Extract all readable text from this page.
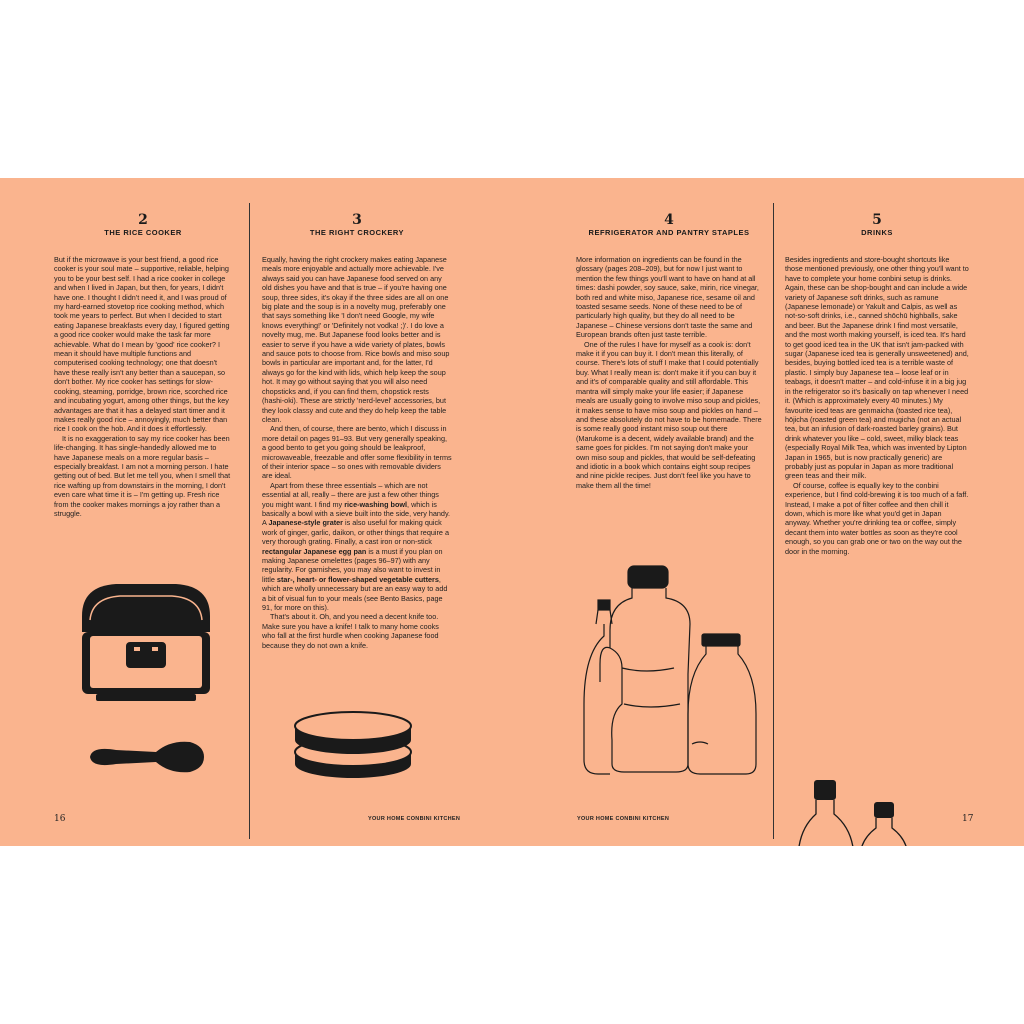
2
THE RICE COOKER

But if the microwave is your best friend, a good rice cooker is your soul mate – supportive, reliable, helping you to be your best self. I had a rice cooker in college and when I lived in Japan, but then, for years, I didn't have one. I thought I didn't need it, and I was proud of my hard-earned stovetop rice cooking method, which took me years to perfect. But when I decided to start eating Japanese breakfasts every day, I figured getting a good rice cooker would make the task far more achievable. What do I mean by 'good' rice cooker? I mean it should have multiple functions and computerised cooking technology; one that doesn't have these really isn't any better than a saucepan, so don't bother. My rice cooker has settings for slow-cooking, steaming, porridge, brown rice, scorched rice and incubating yogurt, among other things, but the key advantages are that it has a delayed start timer and it makes really good rice – annoyingly, much better than rice I cook on the hob. And it does it effortlessly.

It is no exaggeration to say my rice cooker has been life-changing. It has single-handedly allowed me to have Japanese meals on a more regular basis – especially breakfast. I am not a morning person. I hate getting out of bed. But let me tell you, when I smell that rice wafting up from downstairs in the morning, I don't even care what time it is – I'm getting up. Fresh rice from the cooker makes mornings a joy rather than a struggle.

3
THE RIGHT CROCKERY

Equally, having the right crockery makes eating Japanese meals more enjoyable and actually more achievable. I've always said you can have Japanese food served on any old dishes you have and that is true – if you're having one soup, three sides, it's okay if the three sides are all on one big plate and the soup is in a novelty mug, preferably one that says something like 'I don't need Google, my wife knows everything!' or 'Definitely not vodka! ;)'. I do love a novelty mug, me. But Japanese food looks better and is easier to serve if you have a wide variety of plates, bowls and sauce pots to choose from. Rice bowls and miso soup bowls in particular are important and, for the latter, I'd always go for the kind with lids, which help keep the soup hot. It may go without saying that you will also need chopsticks and, if you can find them, chopstick rests (hashi-oki). These are strictly 'nerd-level' accessories, but they look classy and cute and they do help keep the table clean.

And then, of course, there are bento, which I discuss in more detail on pages 91–93. But very generally speaking, a good bento to get you going should be leakproof, microwaveable, freezable and offer some flexibility in terms of their interior space – so ones with removable dividers are ideal.

Apart from these three essentials – which are not essential at all, really – there are just a few other things you might want. I find my rice-washing bowl, which is basically a bowl with a sieve built into the side, very handy. A Japanese-style grater is also useful for making quick work of ginger, garlic, daikon, or other things that require a very thorough grating. Finally, a cast iron or non-stick rectangular Japanese egg pan is a must if you plan on making Japanese omelettes (pages 96–97) with any regularity. For garnishes, you may also want to invest in little star-, heart- or flower-shaped vegetable cutters, which are wholly unnecessary but are an easy way to add a bit of visual fun to your meals (see Bento Basics, page 91, for more on this).

That's about it. Oh, and you need a decent knife too. Make sure you have a knife! I talk to many home cooks who fall at the first hurdle when cooking Japanese food because they do not own a knife.

4
REFRIGERATOR AND PANTRY STAPLES

More information on ingredients can be found in the glossary (pages 208–209), but for now I just want to mention the few things you'll want to have on hand at all times: dashi powder, soy sauce, sake, mirin, rice vinegar, both red and white miso, Japanese rice, sesame oil and toasted sesame seeds. None of these need to be of particularly high quality, but they do all need to be Japanese – Chinese versions don't taste the same and European brands often just taste terrible.

One of the rules I have for myself as a cook is: don't make it if you can buy it. I don't mean this literally, of course. There's lots of stuff I make that I could potentially buy. What I really mean is: don't make it if you can buy it and it's of comparable quality and still affordable. This mantra will simply make your life easier; if Japanese meals are usually going to involve miso soup and pickles, it makes sense to have miso soup and pickles on hand – and these absolutely do not have to be homemade. There is some really good instant miso soup out there (Marukome is a decent, widely available brand) and the same goes for pickles. I'm not saying don't make your own miso soup and pickles, that would be self-defeating and idiotic in a book which contains eight soup recipes and nine pickle recipes. Just don't feel like you have to make them all the time!

5
DRINKS

Besides ingredients and store-bought shortcuts like those mentioned previously, one other thing you'll want to have to complete your home conbini setup is drinks. Again, these can be shop-bought and can include a wide variety of Japanese soft drinks, such as ramune (Japanese lemonade) or Yakult and Calpis, as well as not-so-soft drinks, i.e., canned shōchū highballs, sake and beer. But the Japanese drink I find most versatile, and the most worth making yourself, is iced tea. It's hard to get good iced tea in the UK that isn't jam-packed with sugar (Japanese iced tea is generally unsweetened) and, besides, buying bottled iced tea is a terrible waste of plastic. I simply buy Japanese tea – loose leaf or in teabags, it doesn't matter – and cold-infuse it in a big jug in the refrigerator so it's basically on tap whenever I need it. (Which is approximately every 40 minutes.) My favourite iced teas are genmaicha (toasted rice tea), hōjicha (roasted green tea) and mugicha (not an actual tea, but an infusion of dark-roasted barley grains). But drink whatever you like – cold, sweet, milky black teas (especially Royal Milk Tea, which was invented by Lipton Japan in 1965, but is now practically generic) are probably just as popular in Japan as more traditional green teas and their milk.

Of course, coffee is equally key to the conbini experience, but I find cold-brewing it is too much of a faff. Instead, I make a pot of filter coffee and then chill it down, which is more like what you'd get in Japan anyway. Whether you're drinking tea or coffee, simply decant them into water bottles as soon as they're cool enough, so you can grab one or two on the way out the door in the morning.

16	YOUR HOME CONBINI KITCHEN	YOUR HOME CONBINI KITCHEN	17
